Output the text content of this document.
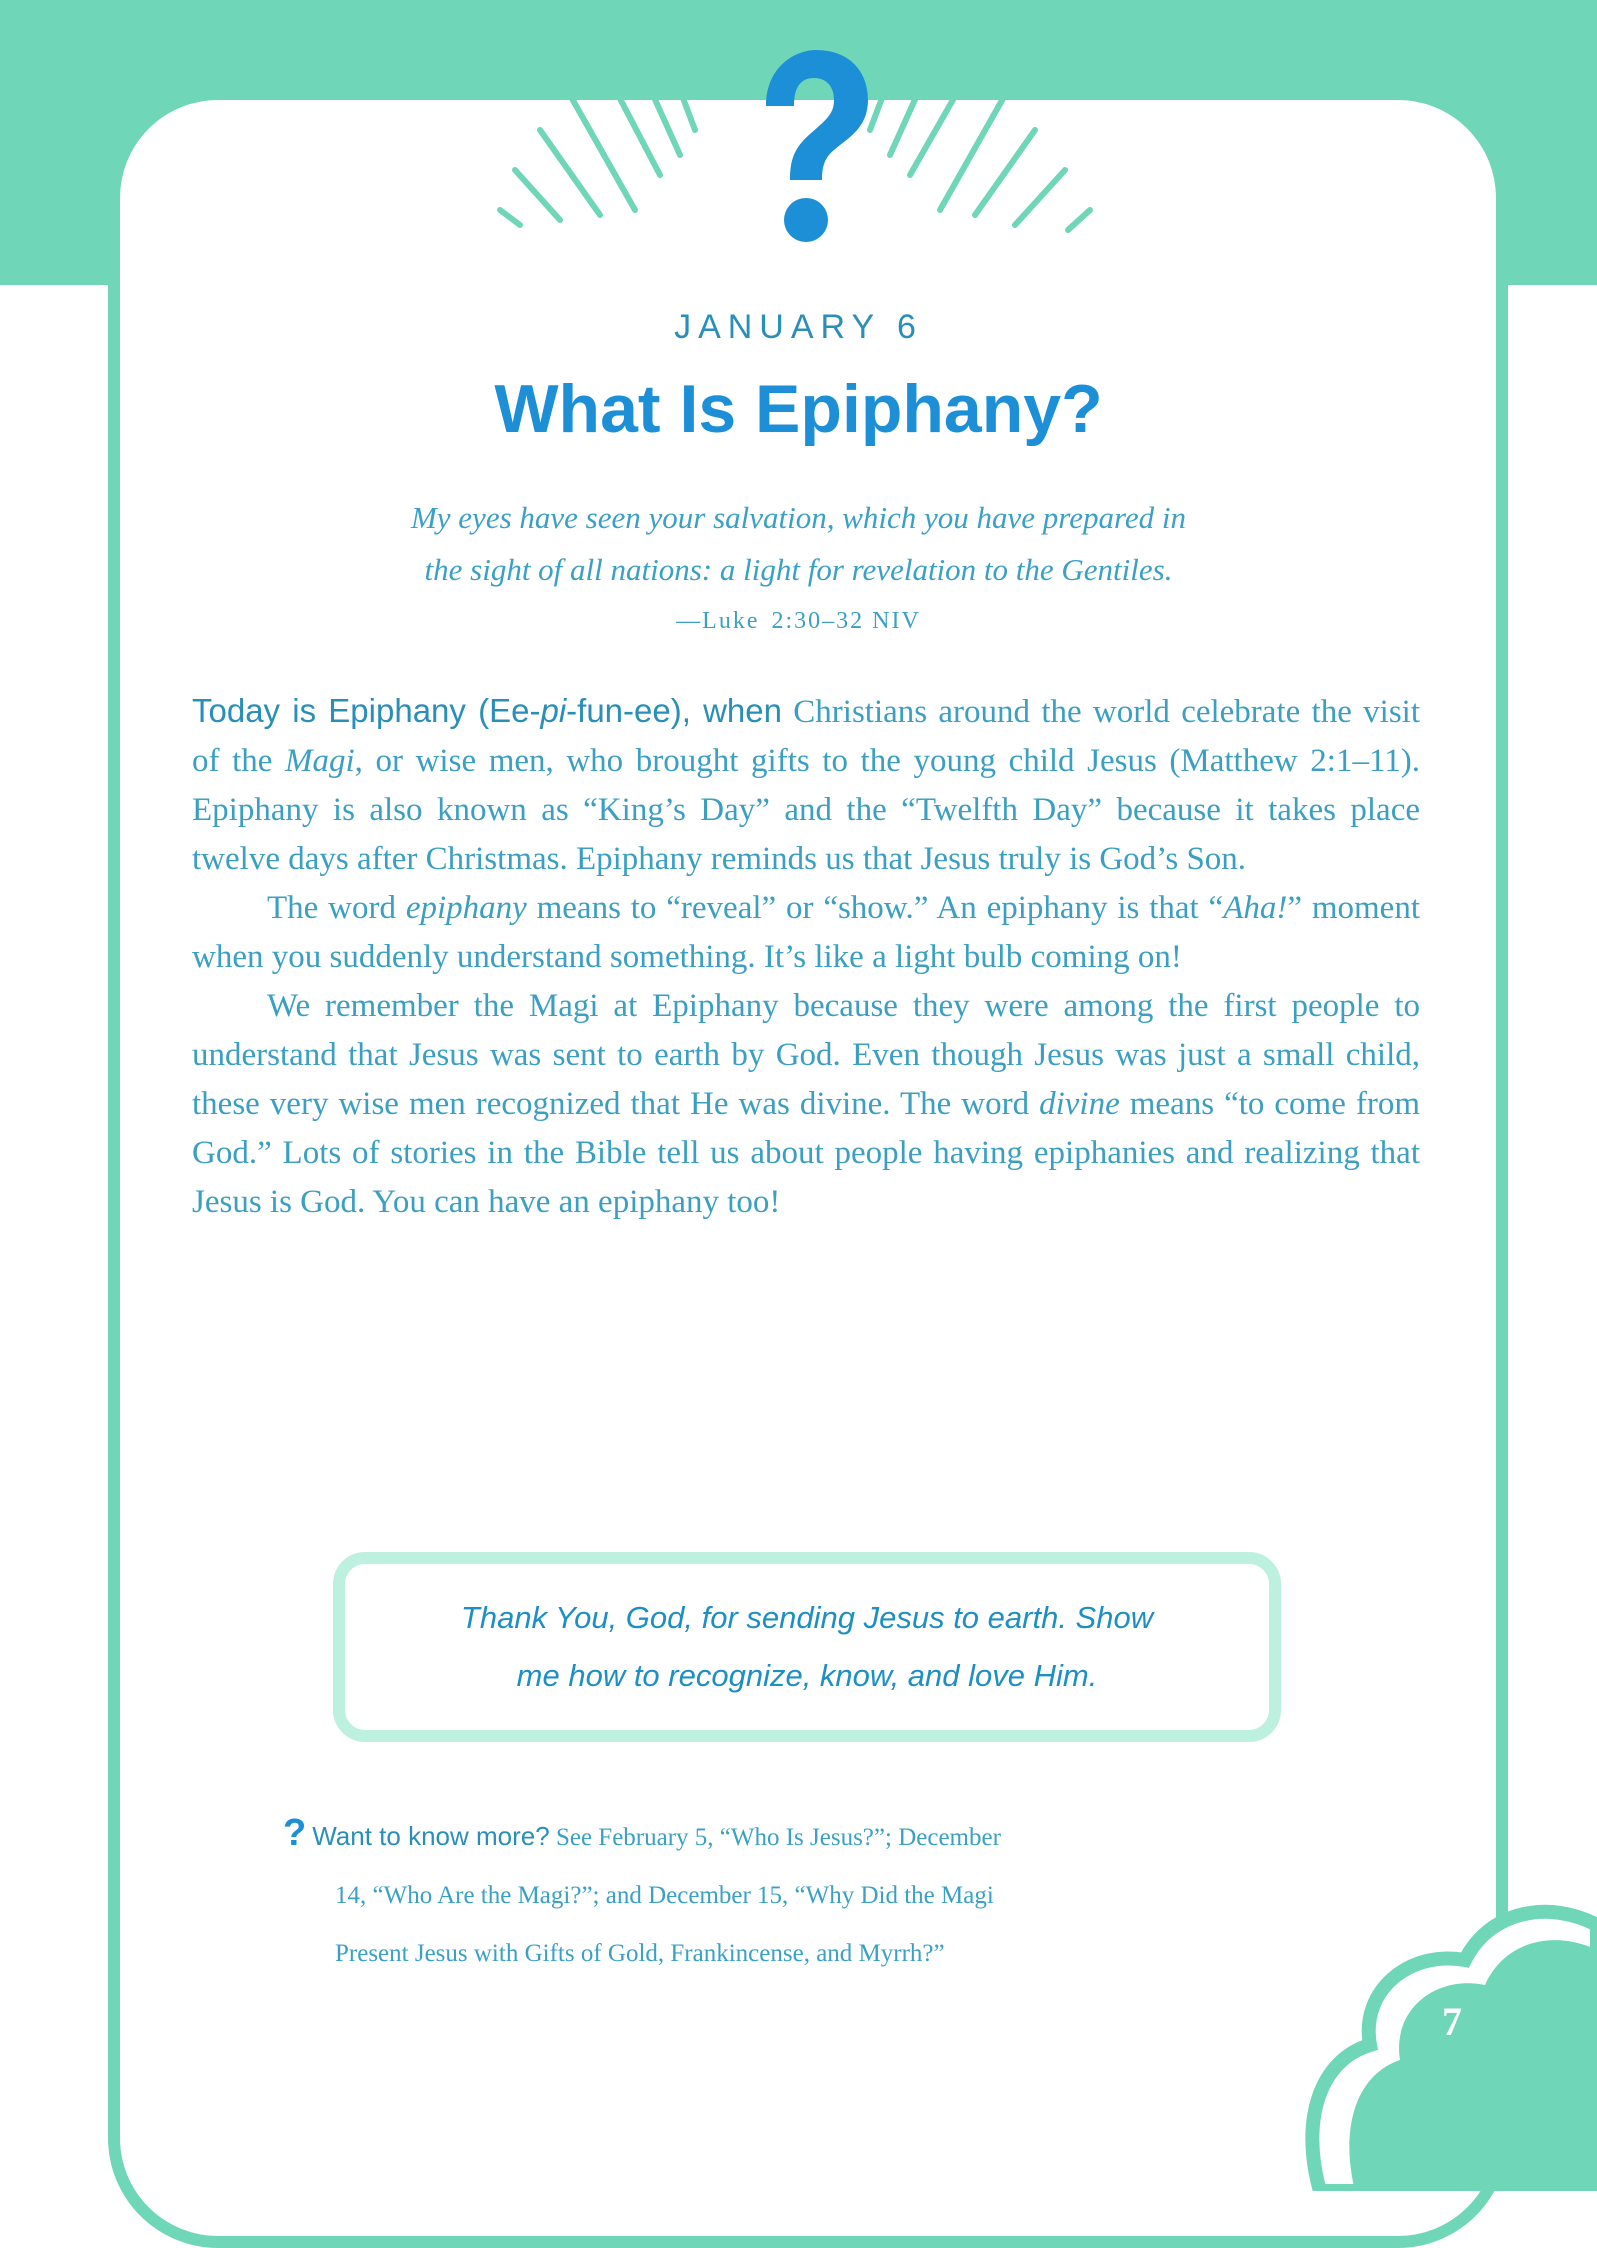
JANUARY 6
What Is Epiphany?
My eyes have seen your salvation, which you have prepared in
the sight of all nations: a light for revelation to the Gentiles.
—Luke 2:30–32 NIV

Today is Epiphany (Ee-pi-fun-ee), when Christians around the world celebrate the visit of the Magi, or wise men, who brought gifts to the young child Jesus (Matthew 2:1–11). Epiphany is also known as “King’s Day” and the “Twelfth Day” because it takes place twelve days after Christmas. Epiphany reminds us that Jesus truly is God’s Son.

The word epiphany means to “reveal” or “show.” An epiphany is that “Aha!” moment when you suddenly understand something. It’s like a light bulb coming on!

We remember the Magi at Epiphany because they were among the first people to understand that Jesus was sent to earth by God. Even though Jesus was just a small child, these very wise men recognized that He was divine. The word divine means “to come from God.” Lots of stories in the Bible tell us about people having epiphanies and realizing that Jesus is God. You can have an epiphany too!

Thank You, God, for sending Jesus to earth. Show
me how to recognize, know, and love Him.

? Want to know more? See February 5, “Who Is Jesus?”; December

14, “Who Are the Magi?”; and December 15, “Why Did the Magi

Present Jesus with Gifts of Gold, Frankincense, and Myrrh?”

7
